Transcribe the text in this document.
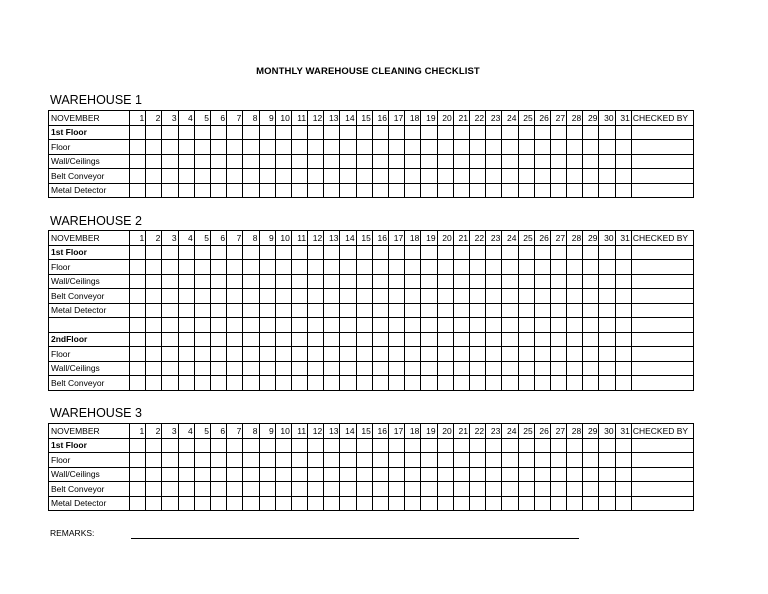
MONTHLY WAREHOUSE CLEANING CHECKLIST
WAREHOUSE 1
NOVEMBER	1	2	3	4	5	6	7	8	9	10	11	12	13	14	15	16	17	18	19	20	21	22	23	24	25	26	27	28	29	30	31	CHECKED BY
1st Floor																																
Floor																																
Wall/Ceilings																																
Belt Conveyor																																
Metal Detector																																
WAREHOUSE 2
NOVEMBER	1	2	3	4	5	6	7	8	9	10	11	12	13	14	15	16	17	18	19	20	21	22	23	24	25	26	27	28	29	30	31	CHECKED BY
1st Floor																																
Floor																																
Wall/Ceilings																																
Belt Conveyor																																
Metal Detector																																

2ndFloor																																
Floor																																
Wall/Ceilings																																
Belt Conveyor																																
WAREHOUSE 3
NOVEMBER	1	2	3	4	5	6	7	8	9	10	11	12	13	14	15	16	17	18	19	20	21	22	23	24	25	26	27	28	29	30	31	CHECKED BY
1st Floor																																
Floor																																
Wall/Ceilings																																
Belt Conveyor																																
Metal Detector																																
REMARKS:
